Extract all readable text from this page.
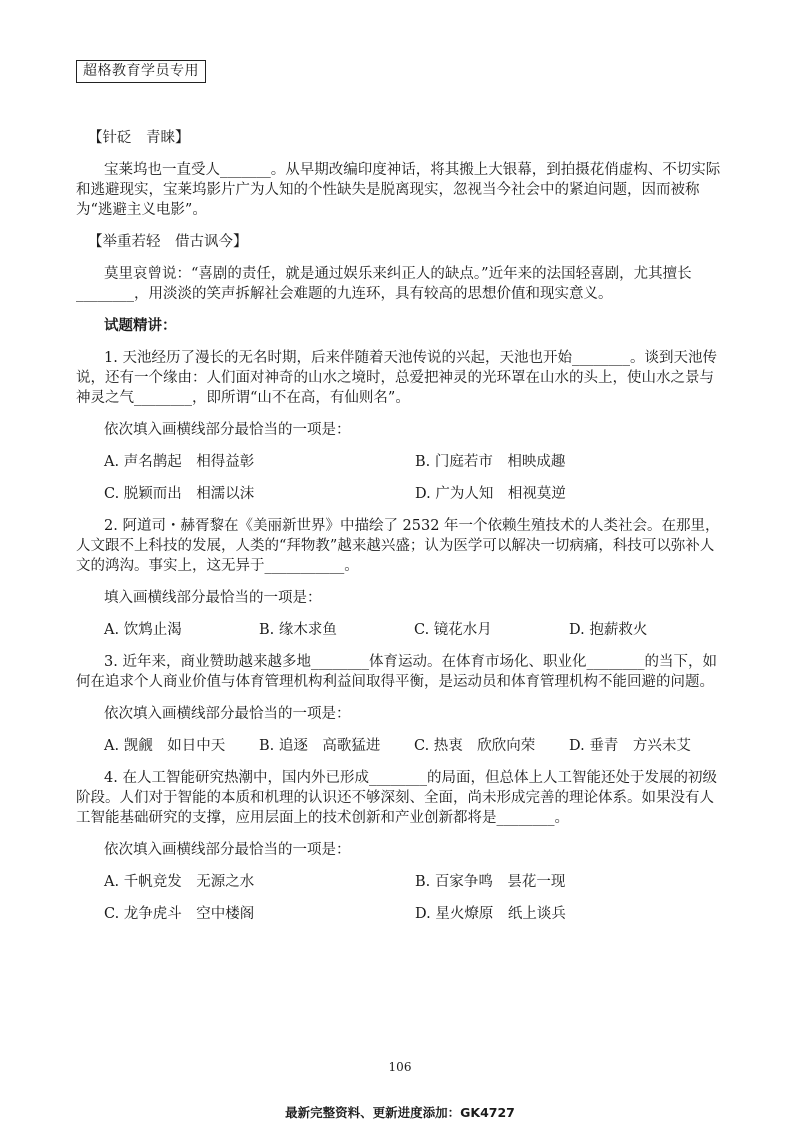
超格教育学员专用

【针砭　青睐】

宝莱坞也一直受人_______。从早期改编印度神话，将其搬上大银幕，到拍摄花俏虚构、不切实际和逃避现实，宝莱坞影片广为人知的个性缺失是脱离现实，忽视当今社会中的紧迫问题，因而被称为“逃避主义电影”。

【举重若轻　借古讽今】

莫里哀曾说：“喜剧的责任，就是通过娱乐来纠正人的缺点。”近年来的法国轻喜剧，尤其擅长________，用淡淡的笑声拆解社会难题的九连环，具有较高的思想价值和现实意义。

试题精讲：

1. 天池经历了漫长的无名时期，后来伴随着天池传说的兴起，天池也开始________。谈到天池传说，还有一个缘由：人们面对神奇的山水之境时，总爱把神灵的光环罩在山水的头上，使山水之景与神灵之气________，即所谓“山不在高，有仙则名”。

依次填入画横线部分最恰当的一项是：

A. 声名鹊起　相得益彰	B. 门庭若市　相映成趣
C. 脱颖而出　相濡以沫	D. 广为人知　相视莫逆

2. 阿道司・赫胥黎在《美丽新世界》中描绘了 2532 年一个依赖生殖技术的人类社会。在那里，人文跟不上科技的发展，人类的“拜物教”越来越兴盛；认为医学可以解决一切病痛，科技可以弥补人文的鸿沟。事实上，这无异于___________。

填入画横线部分最恰当的一项是：

A. 饮鸩止渴	B. 缘木求鱼	C. 镜花水月	D. 抱薪救火

3. 近年来，商业赞助越来越多地________体育运动。在体育市场化、职业化________的当下，如何在追求个人商业价值与体育管理机构利益间取得平衡，是运动员和体育管理机构不能回避的问题。

依次填入画横线部分最恰当的一项是：

A. 觊觎　如日中天	B. 追逐　高歌猛进	C. 热衷　欣欣向荣	D. 垂青　方兴未艾

4. 在人工智能研究热潮中，国内外已形成________的局面，但总体上人工智能还处于发展的初级阶段。人们对于智能的本质和机理的认识还不够深刻、全面，尚未形成完善的理论体系。如果没有人工智能基础研究的支撑，应用层面上的技术创新和产业创新都将是________。

依次填入画横线部分最恰当的一项是：

A. 千帆竞发　无源之水	B. 百家争鸣　昙花一现
C. 龙争虎斗　空中楼阁	D. 星火燎原　纸上谈兵
106
最新完整资料、更新进度添加：GK4727
